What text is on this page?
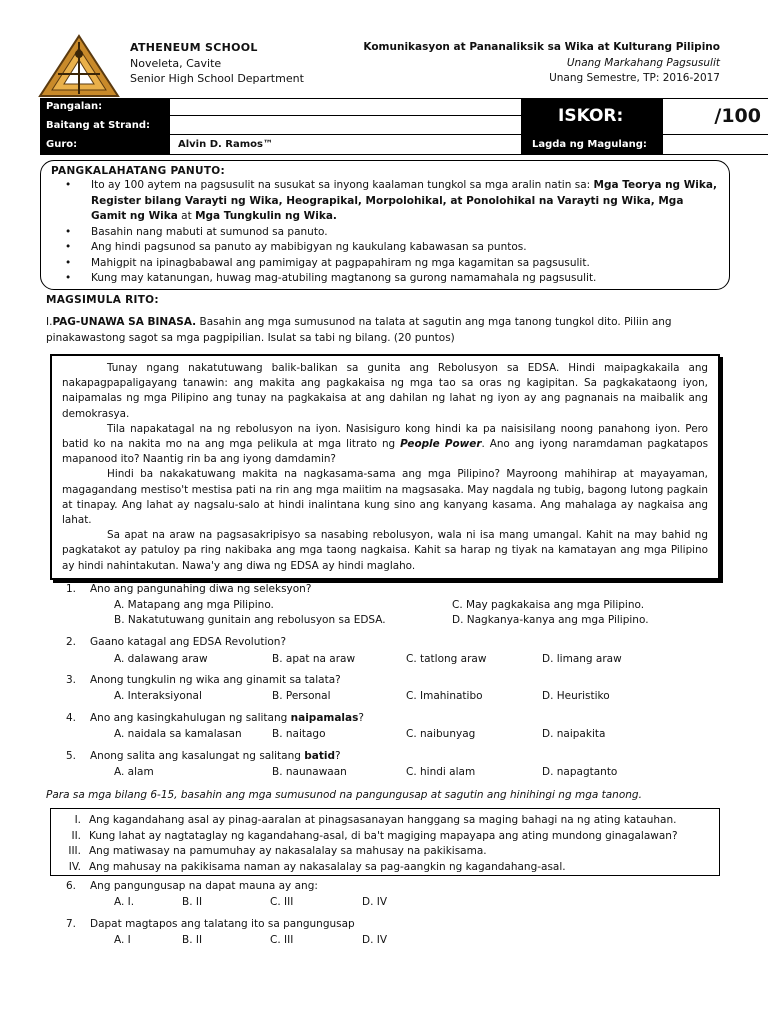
ATHENEUM SCHOOL
Noveleta, Cavite
Senior High School Department
Komunikasyon at Pananaliksik sa Wika at Kulturang Pilipino
Unang Markahang Pagsusulit
Unang Semestre, TP: 2016-2017
Pangalan:
Baitang at Strand:
Guro:	Alvin D. Ramos™
ISKOR:	/100
Lagda ng Magulang:
PANGKALAHATANG PANUTO:
• Ito ay 100 aytem na pagsusulit na susukat sa inyong kaalaman tungkol sa mga aralin natin sa: Mga Teorya ng Wika, Register bilang Varayti ng Wika, Heograpikal, Morpolohikal, at Ponolohikal na Varayti ng Wika, Mga Gamit ng Wika at Mga Tungkulin ng Wika.
• Basahin nang mabuti at sumunod sa panuto.
• Ang hindi pagsunod sa panuto ay mabibigyan ng kaukulang kabawasan sa puntos.
• Mahigpit na ipinagbabawal ang pamimigay at pagpapahiram ng mga kagamitan sa pagsusulit.
• Kung may katanungan, huwag mag-atubiling magtanong sa gurong namamahala ng pagsusulit.
MAGSIMULA RITO:
I.PAG-UNAWA SA BINASA. Basahin ang mga sumusunod na talata at sagutin ang mga tanong tungkol dito. Piliin ang pinakawastong sagot sa mga pagpipilian. Isulat sa tabi ng bilang. (20 puntos)

Tunay ngang nakatutuwang balik-balikan sa gunita ang Rebolusyon sa EDSA. Hindi maipagkakaila ang nakapagpapaligayang tanawin: ang makita ang pagkakaisa ng mga tao sa oras ng kagipitan. Sa pagkakataong iyon, naipamalas ng mga Pilipino ang tunay na pagkakaisa at ang dahilan ng lahat ng iyon ay ang pagnanais na maibalik ang demokrasya.

Tila napakatagal na ng rebolusyon na iyon. Nasisiguro kong hindi ka pa naisisilang noong panahong iyon. Pero batid ko na nakita mo na ang mga pelikula at mga litrato ng People Power. Ano ang iyong naramdaman pagkatapos mapanood ito? Naantig rin ba ang iyong damdamin?

Hindi ba nakakatuwang makita na nagkasama-sama ang mga Pilipino? Mayroong mahihirap at mayayaman, magagandang mestiso't mestisa pati na rin ang mga maiitim na magsasaka. May nagdala ng tubig, bagong lutong pagkain at tinapay. Ang lahat ay nagsalu-salo at hindi inalintana kung sino ang kanyang kasama. Ang mahalaga ay nagkaisa ang lahat.

Sa apat na araw na pagsasakripisyo sa nasabing rebolusyon, wala ni isa mang umangal. Kahit na may bahid ng pagkatakot ay patuloy pa ring nakibaka ang mga taong nagkaisa. Kahit sa harap ng tiyak na kamatayan ang mga Pilipino ay hindi nahintakutan. Nawa'y ang diwa ng EDSA ay hindi maglaho.

1. Ano ang pangunahing diwa ng seleksyon?
A. Matapang ang mga Pilipino.	C. May pagkakaisa ang mga Pilipino.
B. Nakatutuwang gunitain ang rebolusyon sa EDSA.	D. Nagkanya-kanya ang mga Pilipino.
2. Gaano katagal ang EDSA Revolution?
A. dalawang araw	B. apat na araw	C. tatlong araw	D. limang araw
3. Anong tungkulin ng wika ang ginamit sa talata?
A. Interaksiyonal	B. Personal	C. Imahinatibo	D. Heuristiko
4. Ano ang kasingkahulugan ng salitang naipamalas?
A. naidala sa kamalasan	B. naitago	C. naibunyag	D. naipakita
5. Anong salita ang kasalungat ng salitang batid?
A. alam	B. naunawaan	C. hindi alam	D. napagtanto
Para sa mga bilang 6-15, basahin ang mga sumusunod na pangungusap at sagutin ang hinihingi ng mga tanong.
I. Ang kagandahang asal ay pinag-aaralan at pinagsasanayan hanggang sa maging bahagi na ng ating katauhan.
II. Kung lahat ay nagtataglay ng kagandahang-asal, di ba't magiging mapayapa ang ating mundong ginagalawan?
III. Ang matiwasay na pamumuhay ay nakasalalay sa mahusay na pakikisama.
IV. Ang mahusay na pakikisama naman ay nakasalalay sa pag-aangkin ng kagandahang-asal.
6. Ang pangungusap na dapat mauna ay ang:
A. I.	B. II	C. III	D. IV
7. Dapat magtapos ang talatang ito sa pangungusap
A. I	B. II	C. III	D. IV
